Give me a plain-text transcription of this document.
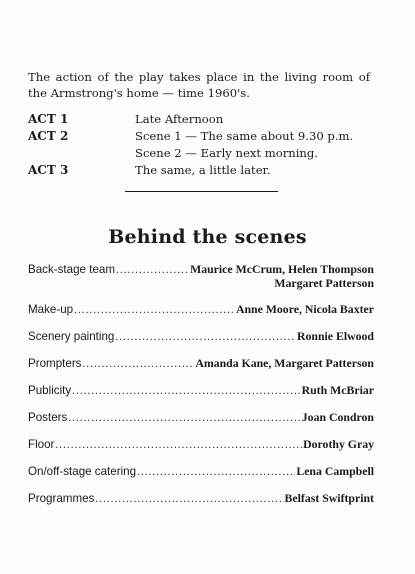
The action of the play takes place in the living room of the Armstrong's home — time 1960's.

ACT 1	Late Afternoon
ACT 2	Scene 1 — The same about 9.30 p.m.
Scene 2 — Early next morning.
ACT 3	The same, a little later.
Behind the scenes
Back-stage team .....	Maurice McCrum, Helen Thompson
Margaret Patterson
Make-up .....	Anne Moore, Nicola Baxter
Scenery painting .....	Ronnie Elwood
Prompters .....	Amanda Kane, Margaret Patterson
Publicity .....	Ruth McBriar
Posters .....	Joan Condron
Floor .....	Dorothy Gray
On/off-stage catering .....	Lena Campbell
Programmes .....	Belfast Swiftprint
